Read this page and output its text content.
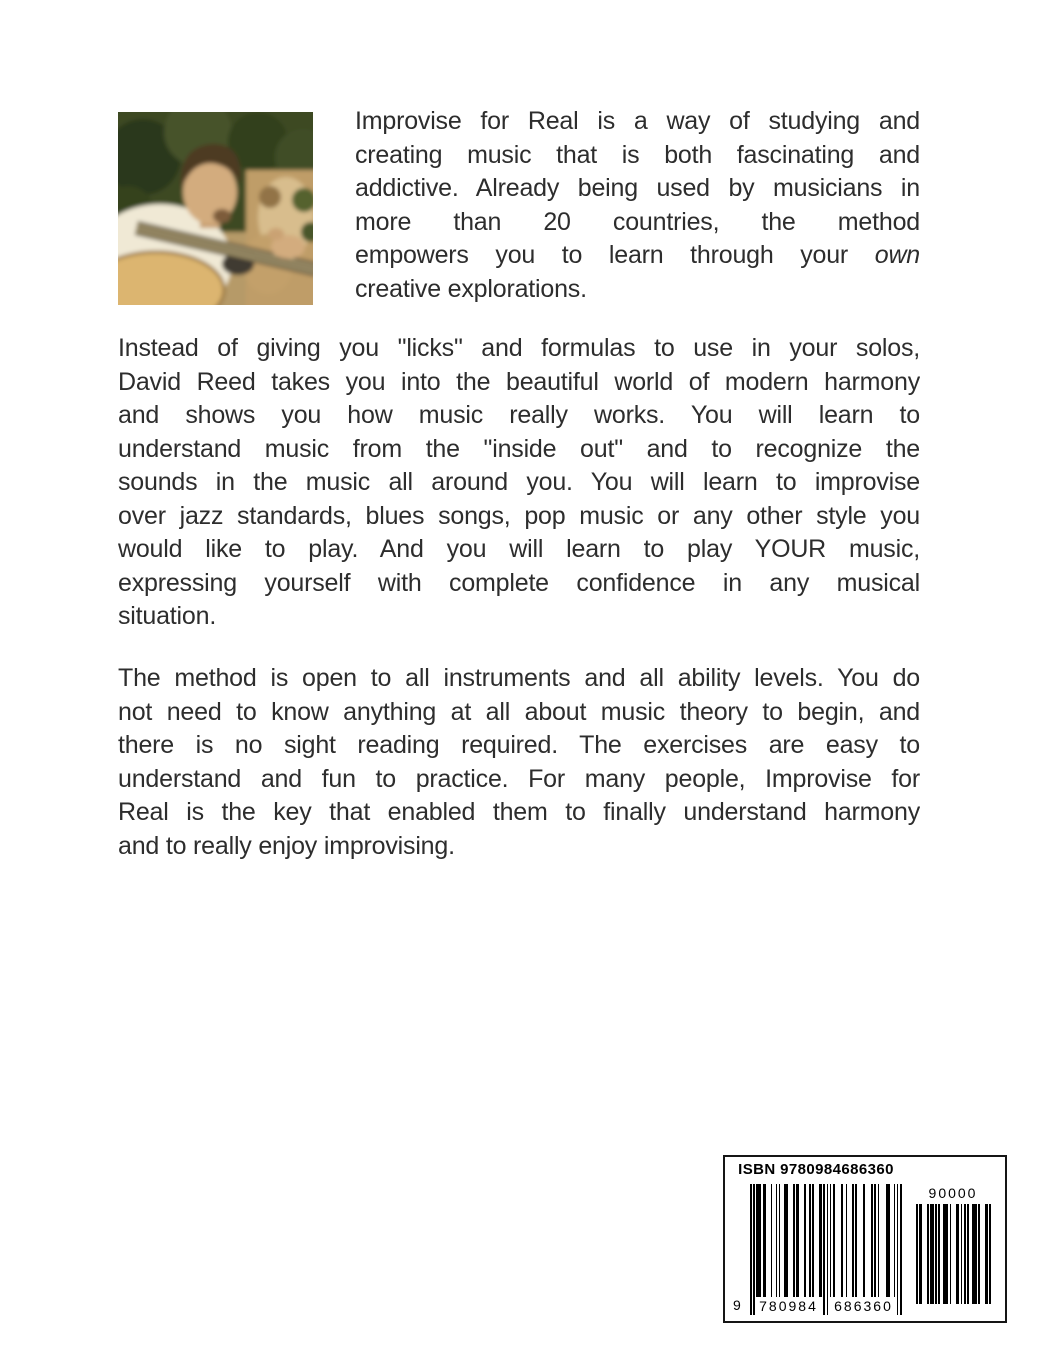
Improvise for Real is a way of studying and
creating music that is both fascinating and
addictive. Already being used by musicians in
more than 20 countries, the method
empowers you to learn through your own
creative explorations.
Instead of giving you "licks" and formulas to use in your solos,
David Reed takes you into the beautiful world of modern harmony
and shows you how music really works. You will learn to
understand music from the "inside out" and to recognize the
sounds in the music all around you. You will learn to improvise
over jazz standards, blues songs, pop music or any other style you
would like to play. And you will learn to play YOUR music,
expressing yourself with complete confidence in any musical
situation.
The method is open to all instruments and all ability levels. You do
not need to know anything at all about music theory to begin, and
there is no sight reading required. The exercises are easy to
understand and fun to practice. For many people, Improvise for
Real is the key that enabled them to finally understand harmony
and to really enjoy improvising.
ISBN 9780984686360
780984 686360
9
90000
